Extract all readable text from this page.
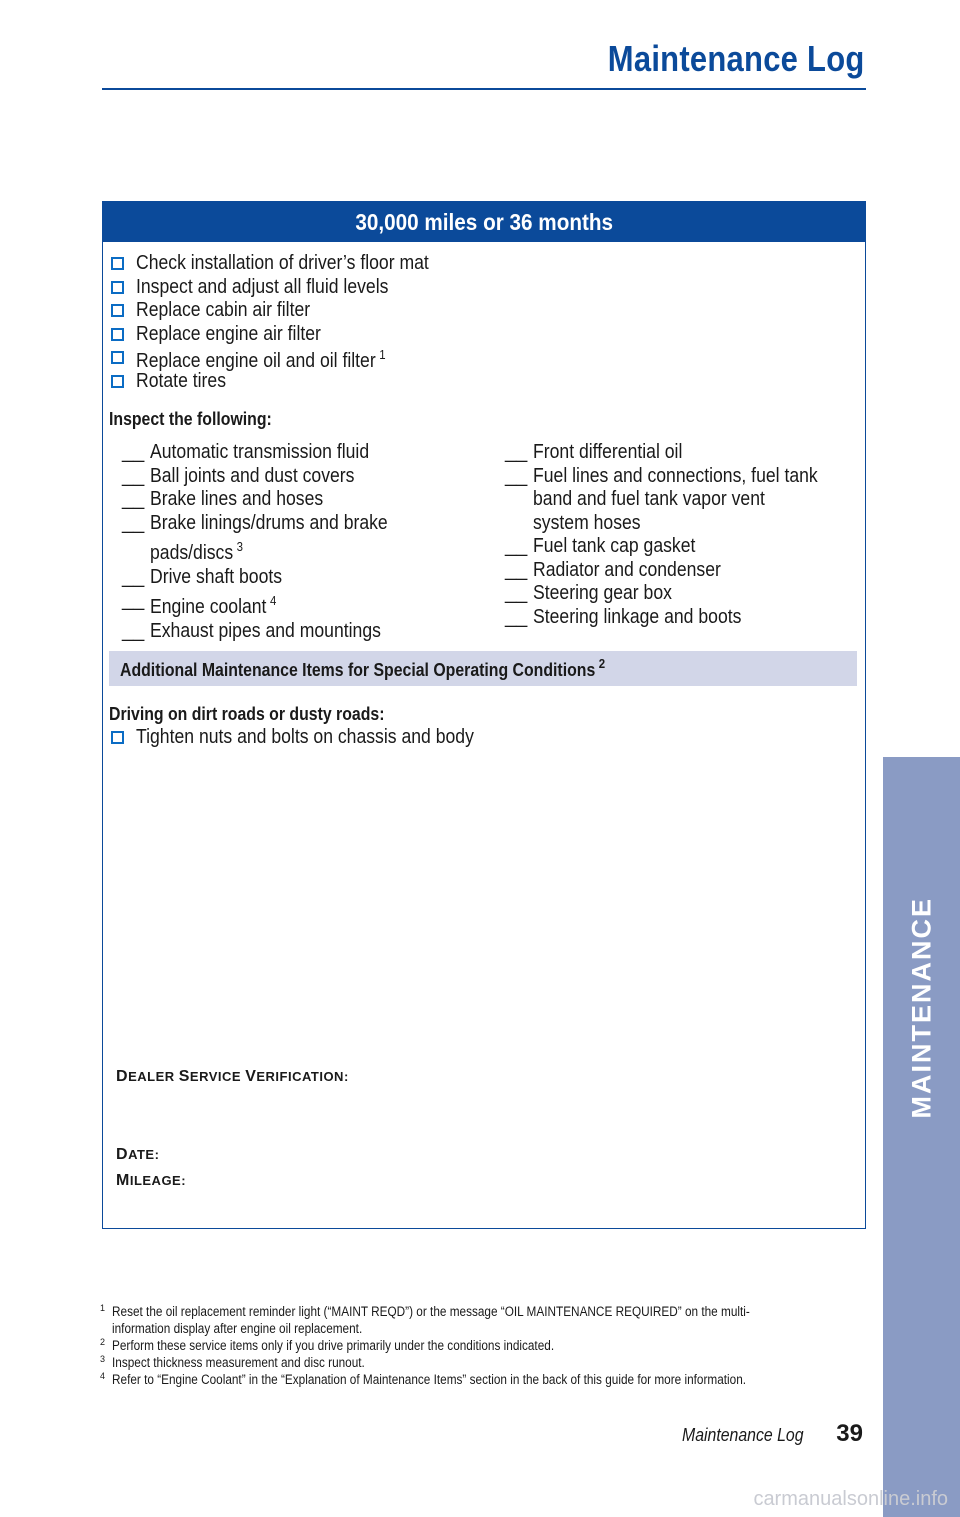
Maintenance Log
MAINTENANCE
30,000 miles or 36 months
Check installation of driver’s floor mat
Inspect and adjust all fluid levels
Replace cabin air filter
Replace engine air filter
Replace engine oil and oil filter $^1$
Rotate tires
Inspect the following:
__ Automatic transmission fluid
__ Ball joints and dust covers
__ Brake lines and hoses
__ Brake linings/drums and brake pads/discs $^3$
__ Drive shaft boots
__ Engine coolant $^4$
__ Exhaust pipes and mountings
__ Front differential oil
__ Fuel lines and connections, fuel tank band and fuel tank vapor vent system hoses
__ Fuel tank cap gasket
__ Radiator and condenser
__ Steering gear box
__ Steering linkage and boots
Additional Maintenance Items for Special Operating Conditions $^2$
Driving on dirt roads or dusty roads:
Tighten nuts and bolts on chassis and body
DEALER SERVICE VERIFICATION:
DATE:
MILEAGE:
1 Reset the oil replacement reminder light (“MAINT REQD”) or the message “OIL MAINTENANCE REQUIRED” on the multi-information display after engine oil replacement.
2 Perform these service items only if you drive primarily under the conditions indicated.
3 Inspect thickness measurement and disc runout.
4 Refer to “Engine Coolant” in the “Explanation of Maintenance Items” section in the back of this guide for more information.
Maintenance Log	39
carmanualsonline.info
